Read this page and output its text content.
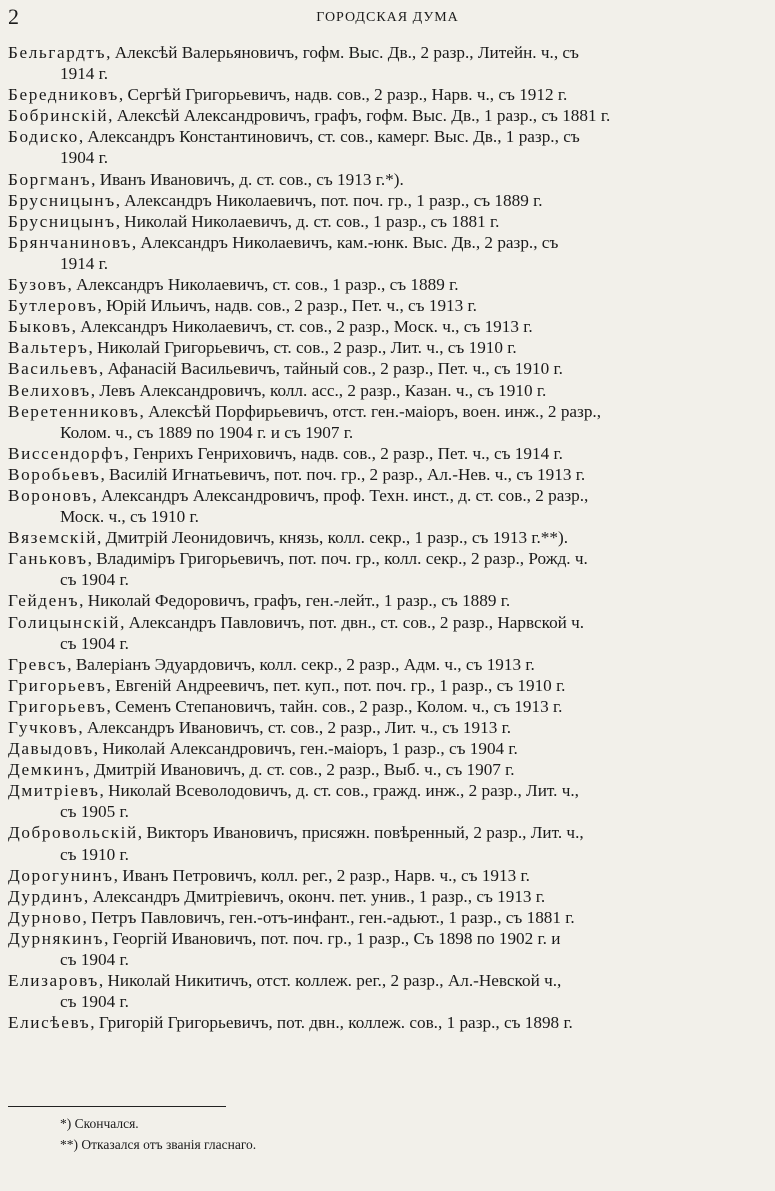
2	ГОРОДСКАЯ ДУМА
Бельгардтъ, Алексѣй Валерьяновичъ, гофм. Выс. Дв., 2 разр., Литейн. ч., съ
1914 г.
Бередниковъ, Сергѣй Григорьевичъ, надв. сов., 2 разр., Нарв. ч., съ 1912 г.
Бобринскій, Алексѣй Александровичъ, графъ, гофм. Выс. Дв., 1 разр., съ 1881 г.
Бодиско, Александръ Константиновичъ, ст. сов., камерг. Выс. Дв., 1 разр., съ
1904 г.
Боргманъ, Иванъ Ивановичъ, д. ст. сов., съ 1913 г.*).
Брусницынъ, Александръ Николаевичъ, пот. поч. гр., 1 разр., съ 1889 г.
Брусницынъ, Николай Николаевичъ, д. ст. сов., 1 разр., съ 1881 г.
Брянчаниновъ, Александръ Николаевичъ, кам.-юнк. Выс. Дв., 2 разр., съ
1914 г.
Бузовъ, Александръ Николаевичъ, ст. сов., 1 разр., съ 1889 г.
Бутлеровъ, Юрій Ильичъ, надв. сов., 2 разр., Пет. ч., съ 1913 г.
Быковъ, Александръ Николаевичъ, ст. сов., 2 разр., Моск. ч., съ 1913 г.
Вальтеръ, Николай Григорьевичъ, ст. сов., 2 разр., Лит. ч., съ 1910 г.
Васильевъ, Афанасій Васильевичъ, тайный сов., 2 разр., Пет. ч., съ 1910 г.
Велиховъ, Левъ Александровичъ, колл. асс., 2 разр., Казан. ч., съ 1910 г.
Веретенниковъ, Алексѣй Порфирьевичъ, отст. ген.-маiоръ, воен. инж., 2 разр.,
Колом. ч., съ 1889 по 1904 г. и съ 1907 г.
Виссендорфъ, Генрихъ Генриховичъ, надв. сов., 2 разр., Пет. ч., съ 1914 г.
Воробьевъ, Василій Игнатьевичъ, пот. поч. гр., 2 разр., Ал.-Нев. ч., съ 1913 г.
Вороновъ, Александръ Александровичъ, проф. Техн. инст., д. ст. сов., 2 разр.,
Моск. ч., съ 1910 г.
Вяземскій, Дмитрій Леонидовичъ, князь, колл. секр., 1 разр., съ 1913 г.**).
Ганьковъ, Владиміръ Григорьевичъ, пот. поч. гр., колл. секр., 2 разр., Рожд. ч.
съ 1904 г.
Гейденъ, Николай Федоровичъ, графъ, ген.-лейт., 1 разр., съ 1889 г.
Голицынскій, Александръ Павловичъ, пот. двн., ст. сов., 2 разр., Нарвской ч.
съ 1904 г.
Гревсъ, Валеріанъ Эдуардовичъ, колл. секр., 2 разр., Адм. ч., съ 1913 г.
Григорьевъ, Евгеній Андреевичъ, пет. куп., пот. поч. гр., 1 разр., съ 1910 г.
Григорьевъ, Семенъ Степановичъ, тайн. сов., 2 разр., Колом. ч., съ 1913 г.
Гучковъ, Александръ Ивановичъ, ст. сов., 2 разр., Лит. ч., съ 1913 г.
Давыдовъ, Николай Александровичъ, ген.-маіоръ, 1 разр., съ 1904 г.
Демкинъ, Дмитрій Ивановичъ, д. ст. сов., 2 разр., Выб. ч., съ 1907 г.
Дмитріевъ, Николай Всеволодовичъ, д. ст. сов., гражд. инж., 2 разр., Лит. ч.,
съ 1905 г.
Добровольскій, Викторъ Ивановичъ, присяжн. повѣренный, 2 разр., Лит. ч.,
съ 1910 г.
Дорогунинъ, Иванъ Петровичъ, колл. рег., 2 разр., Нарв. ч., съ 1913 г.
Дурдинъ, Александръ Дмитріевичъ, оконч. пет. унив., 1 разр., съ 1913 г.
Дурново, Петръ Павловичъ, ген.-отъ-инфант., ген.-адьют., 1 разр., съ 1881 г.
Дурнякинъ, Георгій Ивановичъ, пот. поч. гр., 1 разр., Съ 1898 по 1902 г. и
съ 1904 г.
Елизаровъ, Николай Никитичъ, отст. коллеж. рег., 2 разр., Ал.-Невской ч.,
съ 1904 г.
Елисѣевъ, Григорій Григорьевичъ, пот. двн., коллеж. сов., 1 разр., съ 1898 г.
*) Скончался.
**) Отказался отъ званія гласнаго.
